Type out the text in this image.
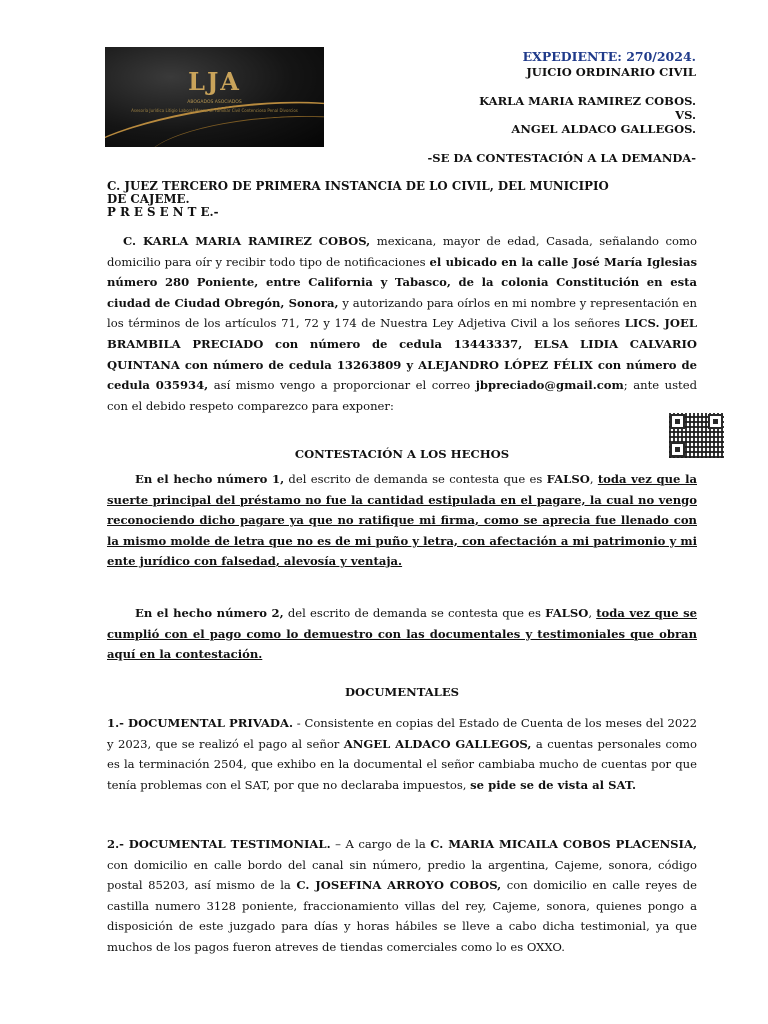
LJA
ABOGADOS ASOCIADOS
Asesoría Jurídica Litigio Laboral Mercantil Familiar Civil Contencioso Penal Divorcios
EXPEDIENTE: 270/2024.
JUICIO ORDINARIO CIVIL
KARLA MARIA RAMIREZ COBOS.
VS.
ANGEL ALDACO GALLEGOS.
-SE DA CONTESTACIÓN A LA DEMANDA-
C. JUEZ TERCERO DE PRIMERA INSTANCIA DE LO CIVIL, DEL MUNICIPIO
DE CAJEME.
P R E S E N T E.-
C. KARLA MARIA RAMIREZ COBOS, mexicana, mayor de edad, Casada, señalando como domicilio para oír y recibir todo tipo de notificaciones el ubicado en la calle José María Iglesias número 280 Poniente, entre California y Tabasco, de la colonia Constitución en esta ciudad de Ciudad Obregón, Sonora, y autorizando para oírlos en mi nombre y representación en los términos de los artículos 71, 72 y 174 de Nuestra Ley Adjetiva Civil a los señores LICS. JOEL BRAMBILA PRECIADO con número de cedula 13443337, ELSA LIDIA CALVARIO QUINTANA con número de cedula 13263809 y ALEJANDRO LÓPEZ FÉLIX con número de cedula 035934, así mismo vengo a proporcionar el correo jbpreciado@gmail.com; ante usted con el debido respeto comparezco para exponer:
CONTESTACIÓN A LOS HECHOS
En el hecho número 1, del escrito de demanda se contesta que es FALSO, toda vez que la suerte principal del préstamo no fue la cantidad estipulada en el pagare, la cual no vengo reconociendo dicho pagare ya que no ratifique mi firma, como se aprecia fue llenado con la mismo molde de letra que no es de mi puño y letra, con afectación a mi patrimonio y mi ente jurídico con falsedad, alevosía y ventaja.
En el hecho número 2, del escrito de demanda se contesta que es FALSO, toda vez que se cumplió con el pago como lo demuestro con las documentales y testimoniales que obran aquí en la contestación.
DOCUMENTALES
1.- DOCUMENTAL PRIVADA. - Consistente en copias del Estado de Cuenta de los meses del 2022 y 2023, que se realizó el pago al señor ANGEL ALDACO GALLEGOS, a cuentas personales como es la terminación 2504, que exhibo en la documental el señor cambiaba mucho de cuentas por que tenía problemas con el SAT, por que no declaraba impuestos, se pide se de vista al SAT.
2.- DOCUMENTAL TESTIMONIAL. – A cargo de la C. MARIA MICAILA COBOS PLACENSIA, con domicilio en calle bordo del canal sin número, predio la argentina, Cajeme, sonora, código postal 85203, así mismo de la C. JOSEFINA ARROYO COBOS, con domicilio en calle reyes de castilla numero 3128 poniente, fraccionamiento villas del rey, Cajeme, sonora, quienes pongo a disposición de este juzgado para días y horas hábiles se lleve a cabo dicha testimonial, ya que muchos de los pagos fueron atreves de tiendas comerciales como lo es OXXO.
